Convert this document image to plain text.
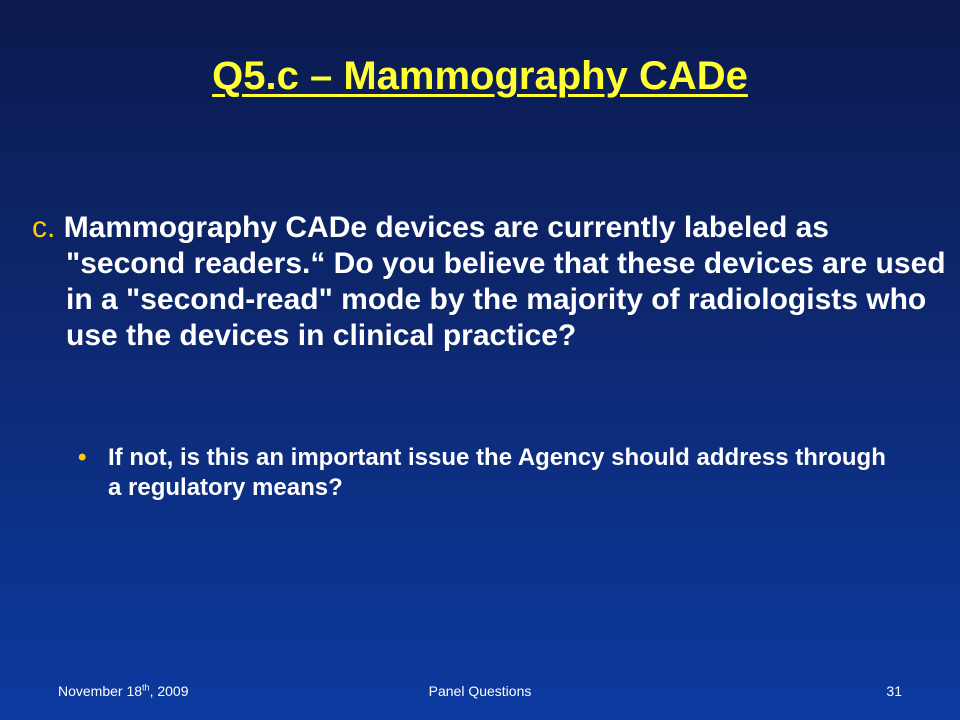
Q5.c – Mammography CADe
c. Mammography CADe devices are currently labeled as "second readers.“ Do you believe that these devices are used in a "second-read" mode by the majority of radiologists who use the devices in clinical practice?
• If not, is this an important issue the Agency should address through a regulatory means?
November 18th, 2009	Panel Questions	31
